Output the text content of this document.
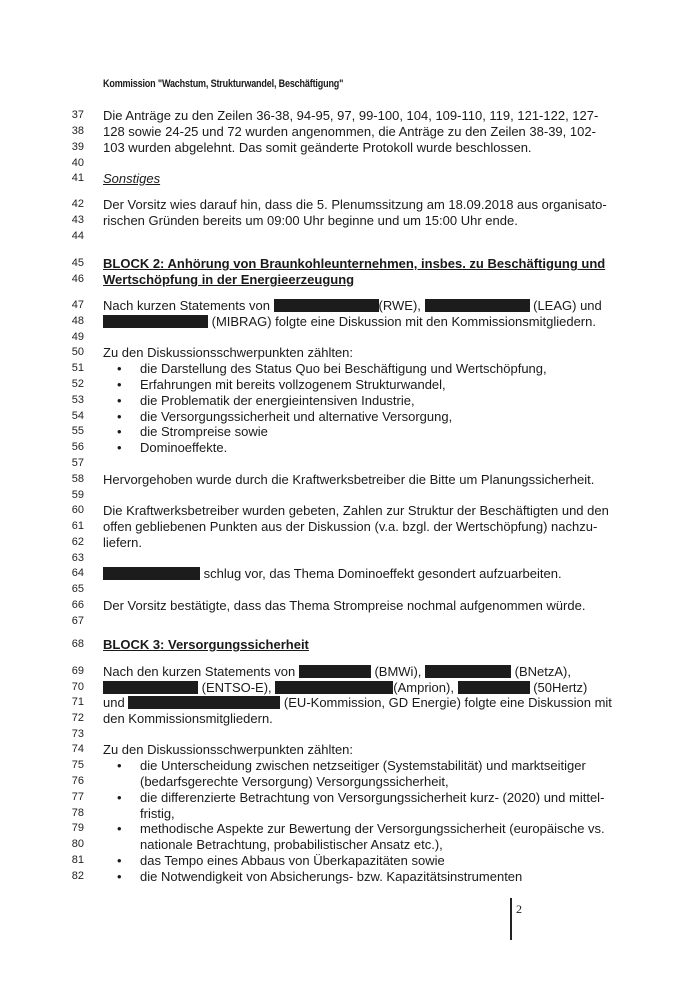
Kommission "Wachstum, Strukturwandel, Beschäftigung"
37 Die Anträge zu den Zeilen 36-38, 94-95, 97, 99-100, 104, 109-110, 119, 121-122, 127-
38 128 sowie 24-25 und 72 wurden angenommen, die Anträge zu den Zeilen 38-39, 102-
39 103 wurden abgelehnt. Das somit geänderte Protokoll wurde beschlossen.
40
41 Sonstiges
42 Der Vorsitz wies darauf hin, dass die 5. Plenumssitzung am 18.09.2018 aus organisato-
43 rischen Gründen bereits um 09:00 Uhr beginne und um 15:00 Uhr ende.
44
45 BLOCK 2: Anhörung von Braunkohleunternehmen, insbes. zu Beschäftigung und
46 Wertschöpfung in der Energieerzeugung
47 Nach kurzen Statements von	(RWE),	(LEAG) und
48	(MIBRAG) folgte eine Diskussion mit den Kommissionsmitgliedern.
49
50 Zu den Diskussionsschwerpunkten zählten:
51	• die Darstellung des Status Quo bei Beschäftigung und Wertschöpfung,
52	• Erfahrungen mit bereits vollzogenem Strukturwandel,
53	• die Problematik der energieintensiven Industrie,
54	• die Versorgungssicherheit und alternative Versorgung,
55	• die Strompreise sowie
56	• Dominoeffekte.
57
58 Hervorgehoben wurde durch die Kraftwerksbetreiber die Bitte um Planungssicherheit.
59
60 Die Kraftwerksbetreiber wurden gebeten, Zahlen zur Struktur der Beschäftigten und den
61 offen gebliebenen Punkten aus der Diskussion (v.a. bzgl. der Wertschöpfung) nachzu-
62 liefern.
63
64	schlug vor, das Thema Dominoeffekt gesondert aufzuarbeiten.
65
66 Der Vorsitz bestätigte, dass das Thema Strompreise nochmal aufgenommen würde.
67
68 BLOCK 3: Versorgungssicherheit
69 Nach den kurzen Statements von	(BMWi),	(BNetzA),
70	(ENTSO-E),	(Amprion),	(50Hertz)
71 und	(EU-Kommission, GD Energie) folgte eine Diskussion mit
72 den Kommissionsmitgliedern.
73
74 Zu den Diskussionsschwerpunkten zählten:
75	• die Unterscheidung zwischen netzseitiger (Systemstabilität) und marktseitiger
76	(bedarfsgerechte Versorgung) Versorgungssicherheit,
77	• die differenzierte Betrachtung von Versorgungssicherheit kurz- (2020) und mittel-
78	fristig,
79	• methodische Aspekte zur Bewertung der Versorgungssicherheit (europäische vs.
80	nationale Betrachtung, probabilistischer Ansatz etc.),
81	• das Tempo eines Abbaus von Überkapazitäten sowie
82	• die Notwendigkeit von Absicherungs- bzw. Kapazitätsinstrumenten
2
